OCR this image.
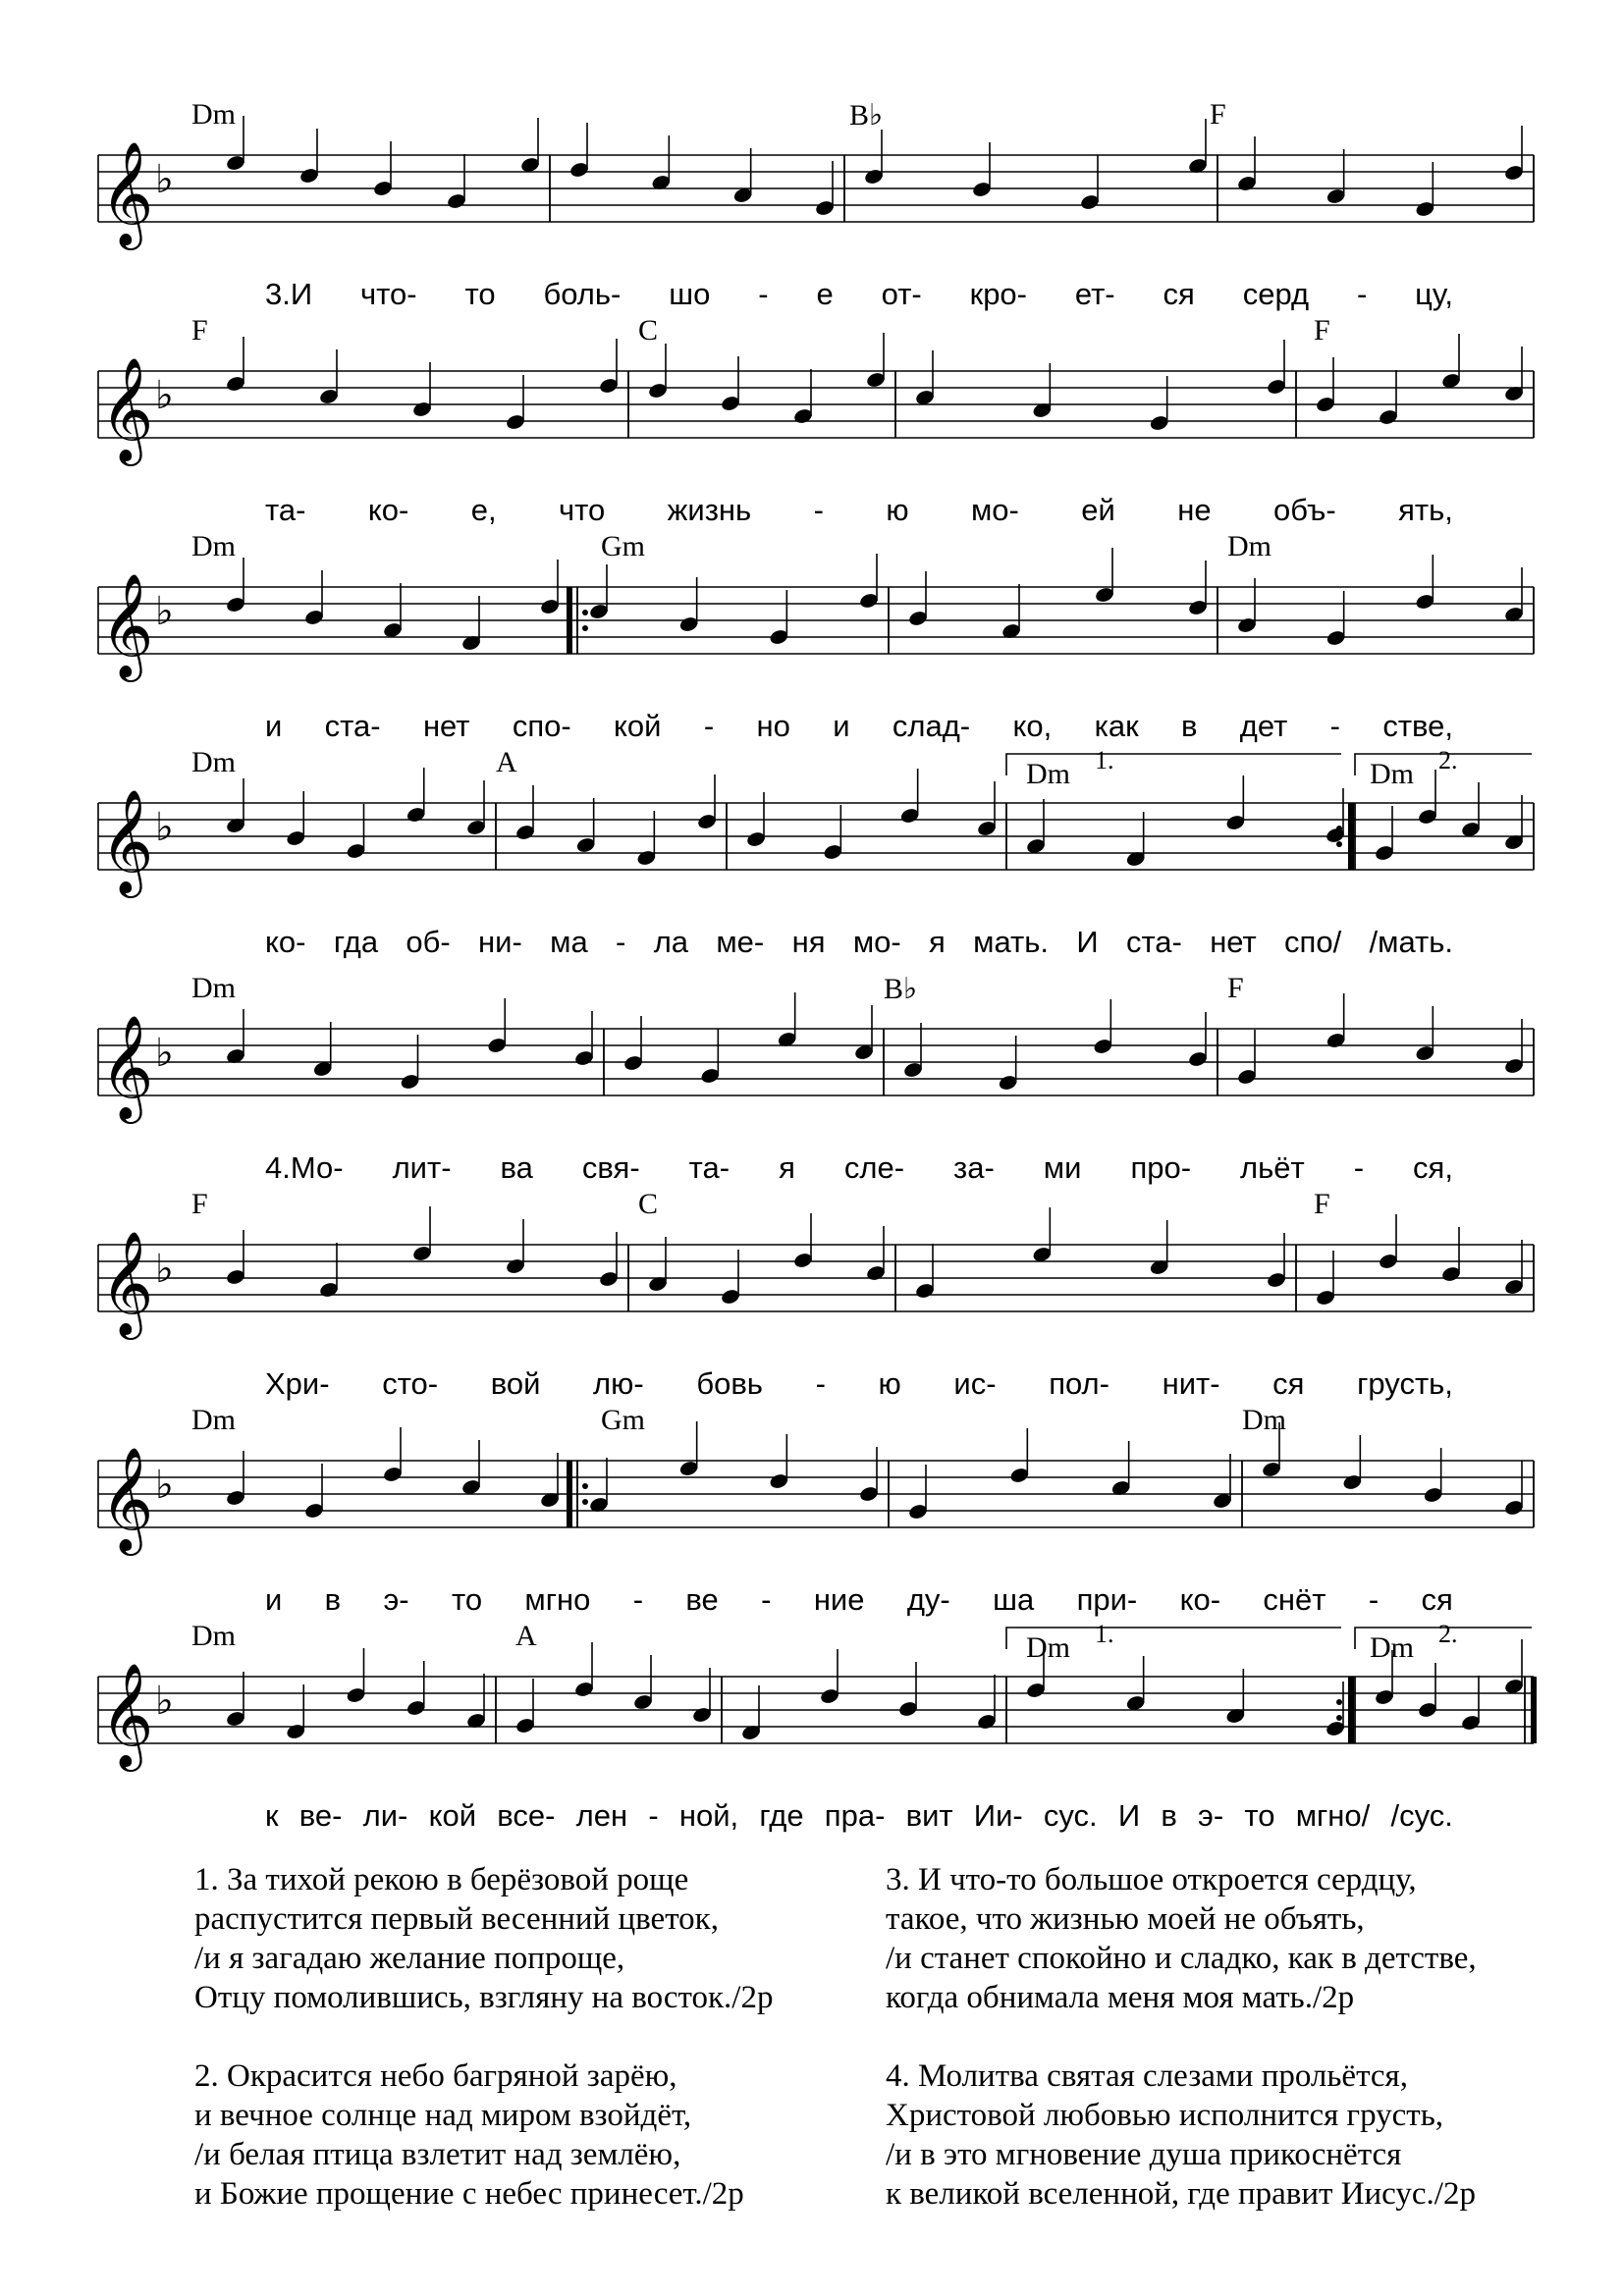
𝄞 ♭
Dm	B♭	F
3.И что- то боль- шо - е от- кро- ет- ся серд - цу,
𝄞 ♭
F	C	F
та- ко- е, что жизнь - ю мо- ей не объ- ять,
𝄞 ♭
Dm	Gm	Dm
и ста- нет спо- кой - но и слад- ко, как в дет - стве,
𝄞 ♭
Dm	A	Dm 1.	Dm 2.
ко- гда об- ни- ма - ла ме- ня мо- я мать. И ста- нет спо/ /мать.
𝄞 ♭
Dm	B♭	F
4.Мо- лит- ва свя- та- я сле- за- ми про- льёт - ся,
𝄞 ♭
F	C	F
Хри- сто- вой лю- бовь - ю ис- пол- нит- ся грусть,
𝄞 ♭
Dm	Gm	Dm
и в э- то мгно - ве - ние ду- ша при- ко- снёт - ся
𝄞 ♭
Dm	A	Dm 1.	Dm 2.
к ве- ли- кой все- лен - ной, где пра- вит Ии- сус. И в э- то мгно/ /сус.
1. За тихой рекою в берёзовой роще
распустится первый весенний цветок,
/и я загадаю желание попроще,
Отцу помолившись, взгляну на восток./2р
2. Окрасится небо багряной зарёю,
и вечное солнце над миром взойдёт,
/и белая птица взлетит над землёю,
и Божие прощение с небес принесет./2р
3. И что-то большое откроется сердцу,
такое, что жизнью моей не объять,
/и станет спокойно и сладко, как в детстве,
когда обнимала меня моя мать./2р
4. Молитва святая слезами прольётся,
Христовой любовью исполнится грусть,
/и в это мгновение душа прикоснётся
к великой вселенной, где правит Иисус./2р
